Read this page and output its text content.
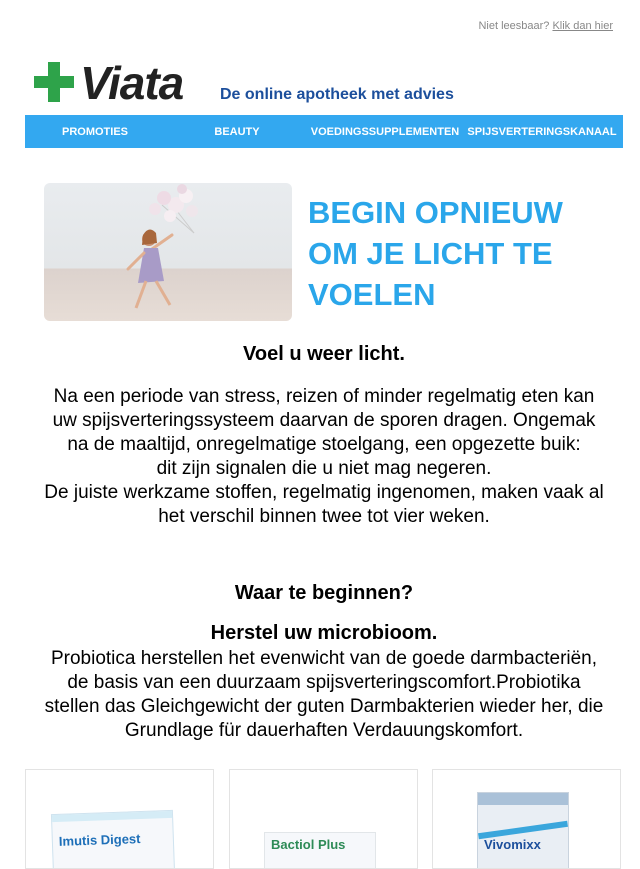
Niet leesbaar? Klik dan hier
Viata De online apotheek met advies
PROMOTIES	BEAUTY	VOEDINGSSUPPLEMENTEN SPIJSVERTERINGSKANAAL
BEGIN OPNIEUW
OM JE LICHT TE
VOELEN

Voel u weer licht.

Na een periode van stress, reizen of minder regelmatig eten kan

uw spijsverteringssysteem daarvan de sporen dragen. Ongemak

na de maaltijd, onregelmatige stoelgang, een opgezette buik:

dit zijn signalen die u niet mag negeren.

De juiste werkzame stoffen, regelmatig ingenomen, maken vaak al

het verschil binnen twee tot vier weken.

Waar te beginnen?

Herstel uw microbioom.

Probiotica herstellen het evenwicht van de goede darmbacteriën,

de basis van een duurzaam spijsverteringscomfort.Probiotika

stellen das Gleichgewicht der guten Darmbakterien wieder her, die

Grundlage für dauerhaften Verdauungskomfort.

Imutis Digest	Bactiol Plus	Vivomixx
